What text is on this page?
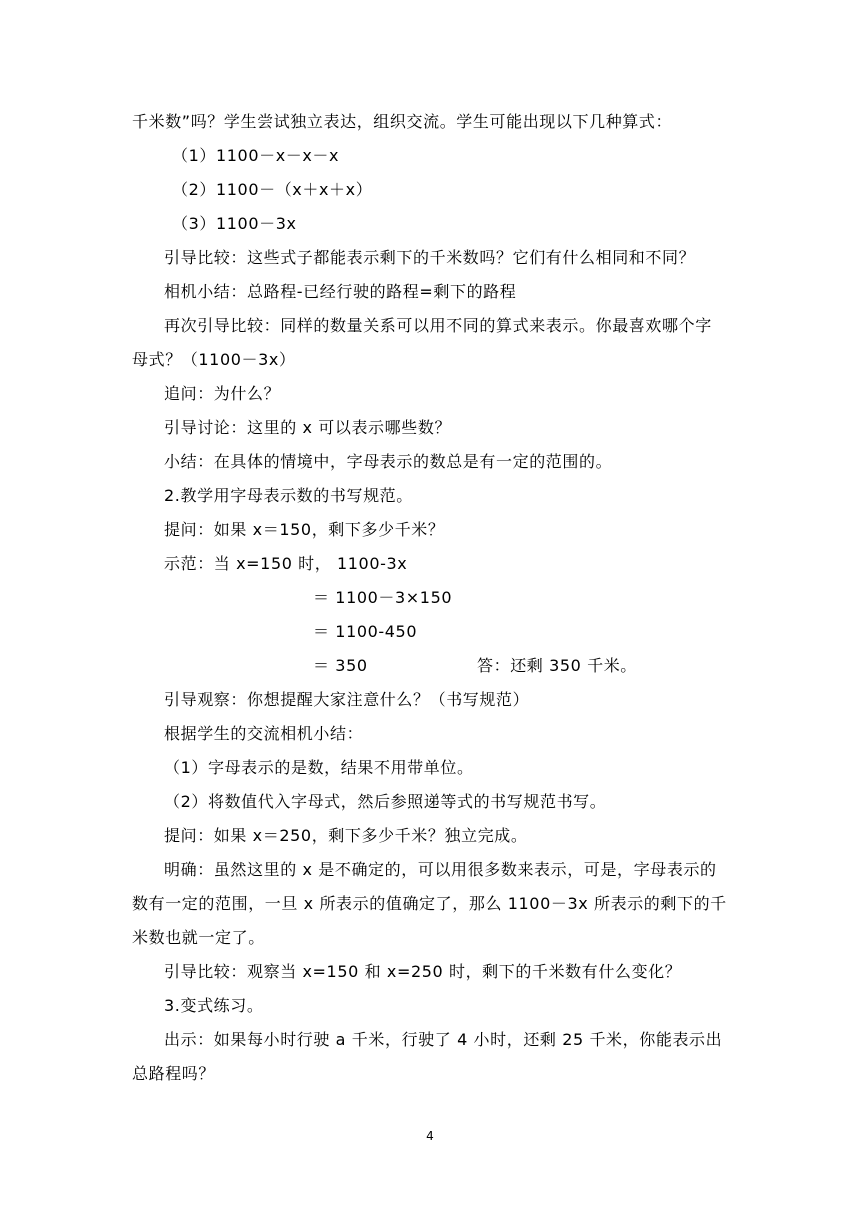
千米数”吗？学生尝试独立表达，组织交流。学生可能出现以下几种算式：
（1）1100－x－x－x
（2）1100－（x＋x＋x）
（3）1100－3x
引导比较：这些式子都能表示剩下的千米数吗？它们有什么相同和不同？
相机小结：总路程-已经行驶的路程=剩下的路程
再次引导比较：同样的数量关系可以用不同的算式来表示。你最喜欢哪个字
母式？（1100－3x）
追问：为什么？
引导讨论：这里的 x 可以表示哪些数？
小结：在具体的情境中，字母表示的数总是有一定的范围的。
2.教学用字母表示数的书写规范。
提问：如果 x＝150，剩下多少千米？
示范：当 x=150 时， 1100-3x
＝ 1100－3×150
＝ 1100-450
＝ 350	答：还剩 350 千米。
引导观察：你想提醒大家注意什么？（书写规范）
根据学生的交流相机小结：
（1）字母表示的是数，结果不用带单位。
（2）将数值代入字母式，然后参照递等式的书写规范书写。
提问：如果 x＝250，剩下多少千米？独立完成。
明确：虽然这里的 x 是不确定的，可以用很多数来表示，可是，字母表示的
数有一定的范围，一旦 x 所表示的值确定了，那么 1100－3x 所表示的剩下的千
米数也就一定了。
引导比较：观察当 x=150 和 x=250 时，剩下的千米数有什么变化？
3.变式练习。
出示：如果每小时行驶 a 千米，行驶了 4 小时，还剩 25 千米，你能表示出
总路程吗？
4
